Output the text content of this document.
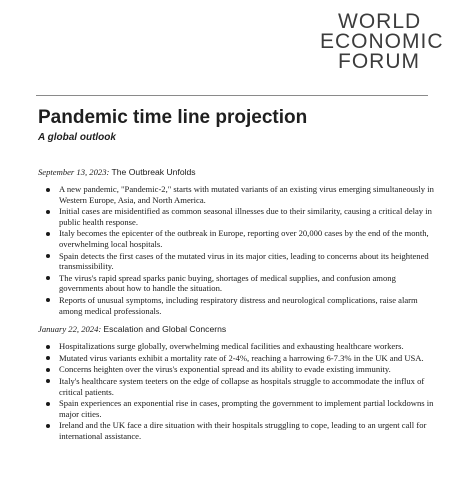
WORLD
ECONOMIC
FORUM
Pandemic time line projection
A global outlook
September 13, 2023: The Outbreak Unfolds
A new pandemic, "Pandemic-2," starts with mutated variants of an existing virus emerging simultaneously in Western Europe, Asia, and North America.
Initial cases are misidentified as common seasonal illnesses due to their similarity, causing a critical delay in public health response.
Italy becomes the epicenter of the outbreak in Europe, reporting over 20,000 cases by the end of the month, overwhelming local hospitals.
Spain detects the first cases of the mutated virus in its major cities, leading to concerns about its heightened transmissibility.
The virus's rapid spread sparks panic buying, shortages of medical supplies, and confusion among governments about how to handle the situation.
Reports of unusual symptoms, including respiratory distress and neurological complications, raise alarm among medical professionals.
January 22, 2024: Escalation and Global Concerns
Hospitalizations surge globally, overwhelming medical facilities and exhausting healthcare workers.
Mutated virus variants exhibit a mortality rate of 2-4%, reaching a harrowing 6-7.3% in the UK and USA.
Concerns heighten over the virus's exponential spread and its ability to evade existing immunity.
Italy's healthcare system teeters on the edge of collapse as hospitals struggle to accommodate the influx of critical patients.
Spain experiences an exponential rise in cases, prompting the government to implement partial lockdowns in major cities.
Ireland and the UK face a dire situation with their hospitals struggling to cope, leading to an urgent call for international assistance.
